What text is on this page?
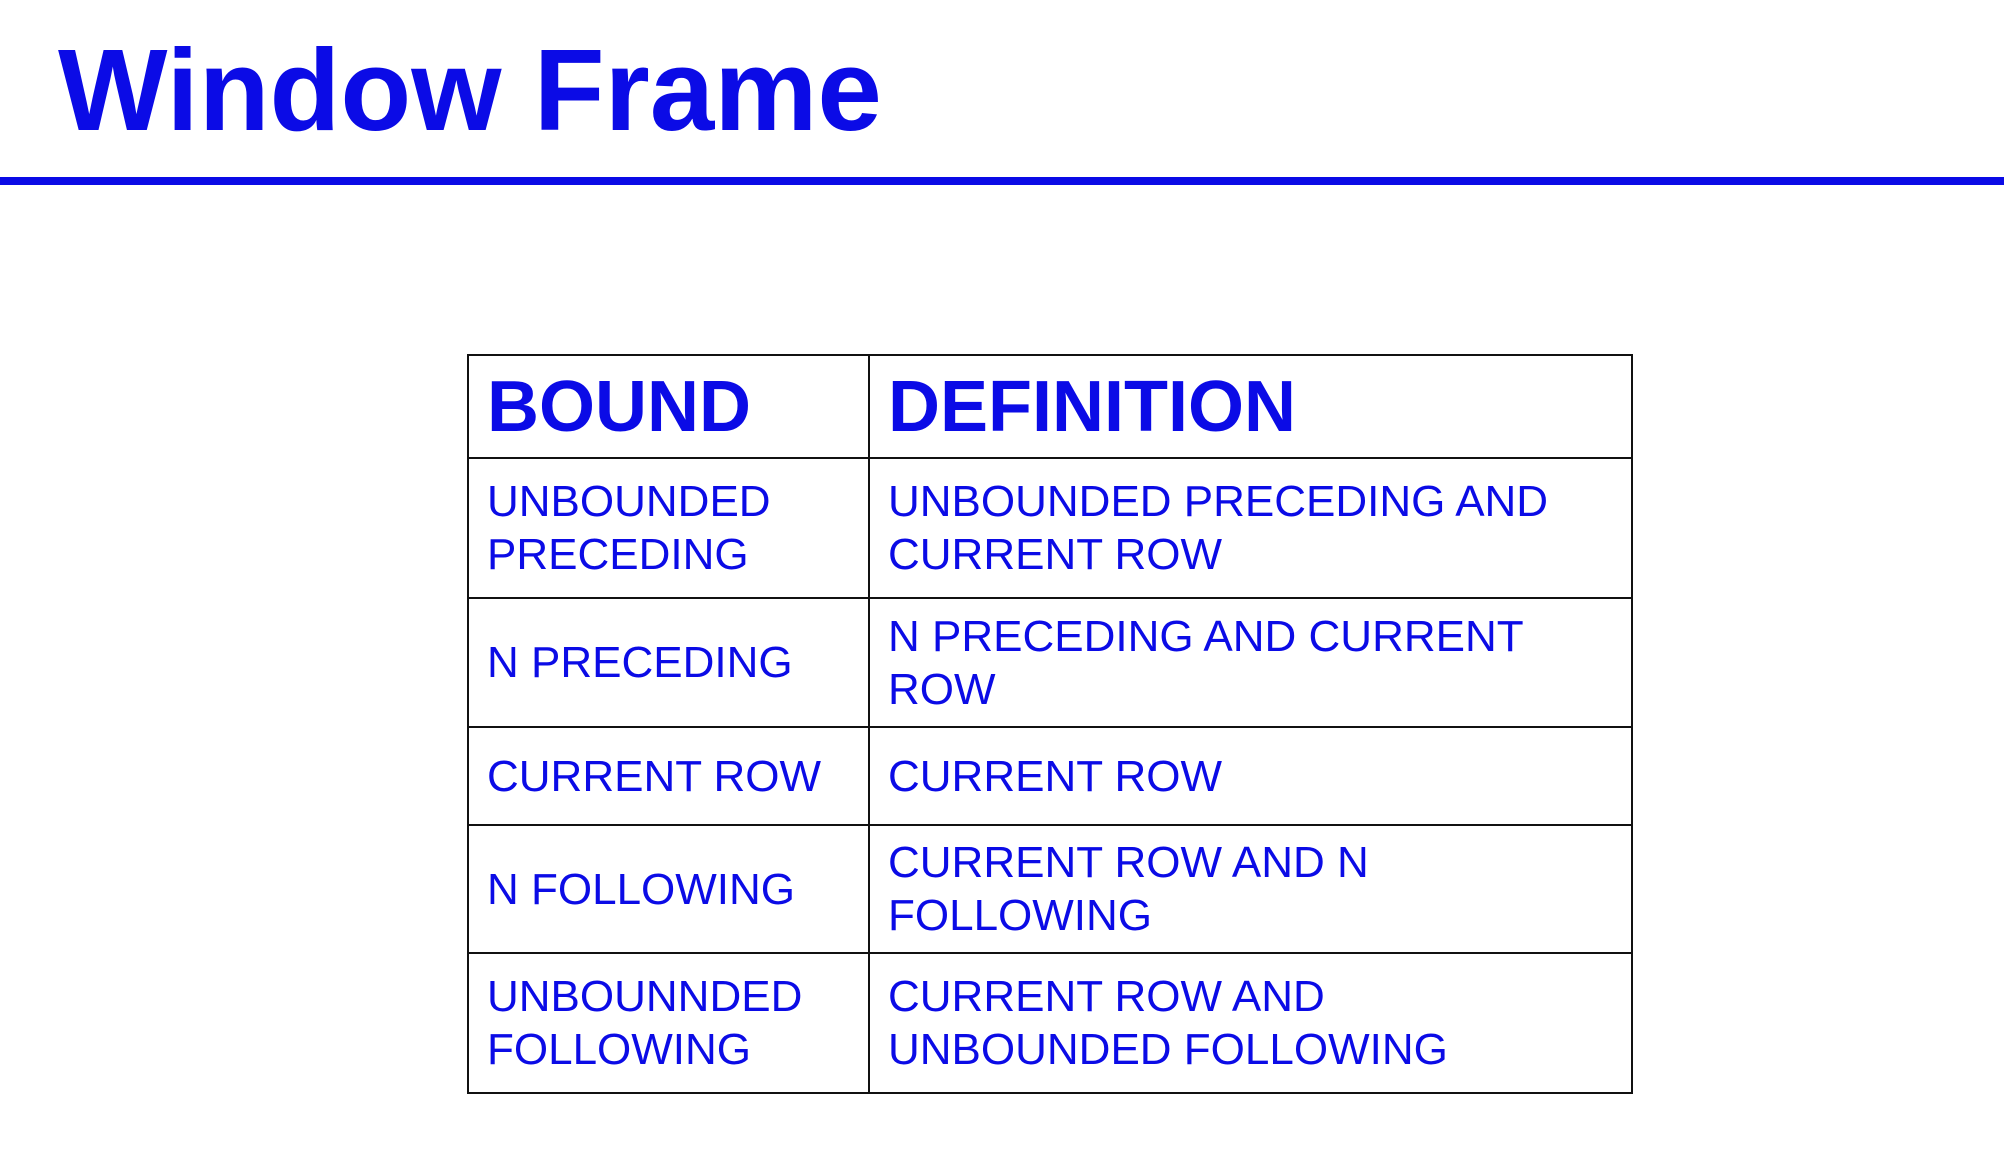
Window Frame
BOUND	DEFINITION
UNBOUNDED PRECEDING	UNBOUNDED PRECEDING AND CURRENT ROW
N PRECEDING	N PRECEDING AND CURRENT ROW
CURRENT ROW	CURRENT ROW
N FOLLOWING	CURRENT ROW AND N FOLLOWING
UNBOUNNDED FOLLOWING	CURRENT ROW AND UNBOUNDED FOLLOWING
